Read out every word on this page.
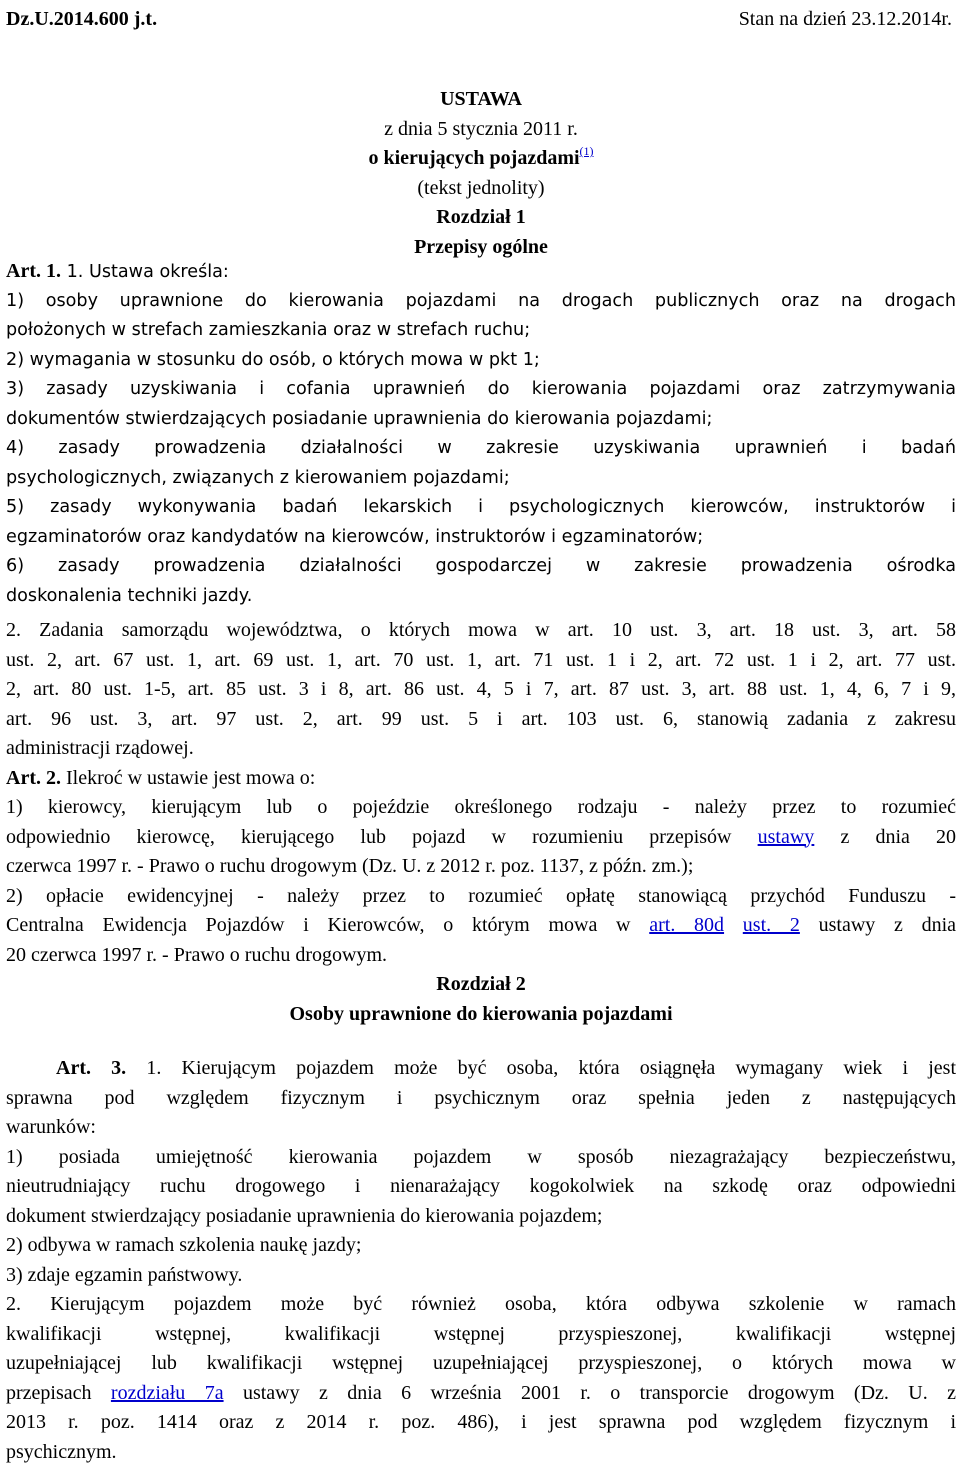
Dz.U.2014.600 j.t.	Stan na dzień 23.12.2014r.
USTAWA
z dnia 5 stycznia 2011 r.
o kierujących pojazdami$^{(1)}$
(tekst jednolity)
Rozdział 1
Przepisy ogólne
Art. 1. 1. Ustawa określa:
1) osoby uprawnione do kierowania pojazdami na drogach publicznych oraz na drogach
położonych w strefach zamieszkania oraz w strefach ruchu;
2) wymagania w stosunku do osób, o których mowa w pkt 1;
3) zasady uzyskiwania i cofania uprawnień do kierowania pojazdami oraz zatrzymywania
dokumentów stwierdzających posiadanie uprawnienia do kierowania pojazdami;
4) zasady prowadzenia działalności w zakresie uzyskiwania uprawnień i badań
psychologicznych, związanych z kierowaniem pojazdami;
5) zasady wykonywania badań lekarskich i psychologicznych kierowców, instruktorów i
egzaminatorów oraz kandydatów na kierowców, instruktorów i egzaminatorów;
6) zasady prowadzenia działalności gospodarczej w zakresie prowadzenia ośrodka
doskonalenia techniki jazdy.
2. Zadania samorządu województwa, o których mowa w art. 10 ust. 3, art. 18 ust. 3, art. 58
ust. 2, art. 67 ust. 1, art. 69 ust. 1, art. 70 ust. 1, art. 71 ust. 1 i 2, art. 72 ust. 1 i 2, art. 77 ust.
2, art. 80 ust. 1-5, art. 85 ust. 3 i 8, art. 86 ust. 4, 5 i 7, art. 87 ust. 3, art. 88 ust. 1, 4, 6, 7 i 9,
art. 96 ust. 3, art. 97 ust. 2, art. 99 ust. 5 i art. 103 ust. 6, stanowią zadania z zakresu
administracji rządowej.
Art. 2. Ilekroć w ustawie jest mowa o:
1) kierowcy, kierującym lub o pojeździe określonego rodzaju - należy przez to rozumieć
odpowiednio kierowcę, kierującego lub pojazd w rozumieniu przepisów ustawy z dnia 20
czerwca 1997 r. - Prawo o ruchu drogowym (Dz. U. z 2012 r. poz. 1137, z późn. zm.);
2) opłacie ewidencyjnej - należy przez to rozumieć opłatę stanowiącą przychód Funduszu -
Centralna Ewidencja Pojazdów i Kierowców, o którym mowa w art. 80d ust. 2 ustawy z dnia
20 czerwca 1997 r. - Prawo o ruchu drogowym.
Rozdział 2
Osoby uprawnione do kierowania pojazdami
Art. 3. 1. Kierującym pojazdem może być osoba, która osiągnęła wymagany wiek i jest
sprawna pod względem fizycznym i psychicznym oraz spełnia jeden z następujących
warunków:
1) posiada umiejętność kierowania pojazdem w sposób niezagrażający bezpieczeństwu,
nieutrudniający ruchu drogowego i nienarażający kogokolwiek na szkodę oraz odpowiedni
dokument stwierdzający posiadanie uprawnienia do kierowania pojazdem;
2) odbywa w ramach szkolenia naukę jazdy;
3) zdaje egzamin państwowy.
2. Kierującym pojazdem może być również osoba, która odbywa szkolenie w ramach
kwalifikacji wstępnej, kwalifikacji wstępnej przyspieszonej, kwalifikacji wstępnej
uzupełniającej lub kwalifikacji wstępnej uzupełniającej przyspieszonej, o których mowa w
przepisach rozdziału 7a ustawy z dnia 6 września 2001 r. o transporcie drogowym (Dz. U. z
2013 r. poz. 1414 oraz z 2014 r. poz. 486), i jest sprawna pod względem fizycznym i
psychicznym.
